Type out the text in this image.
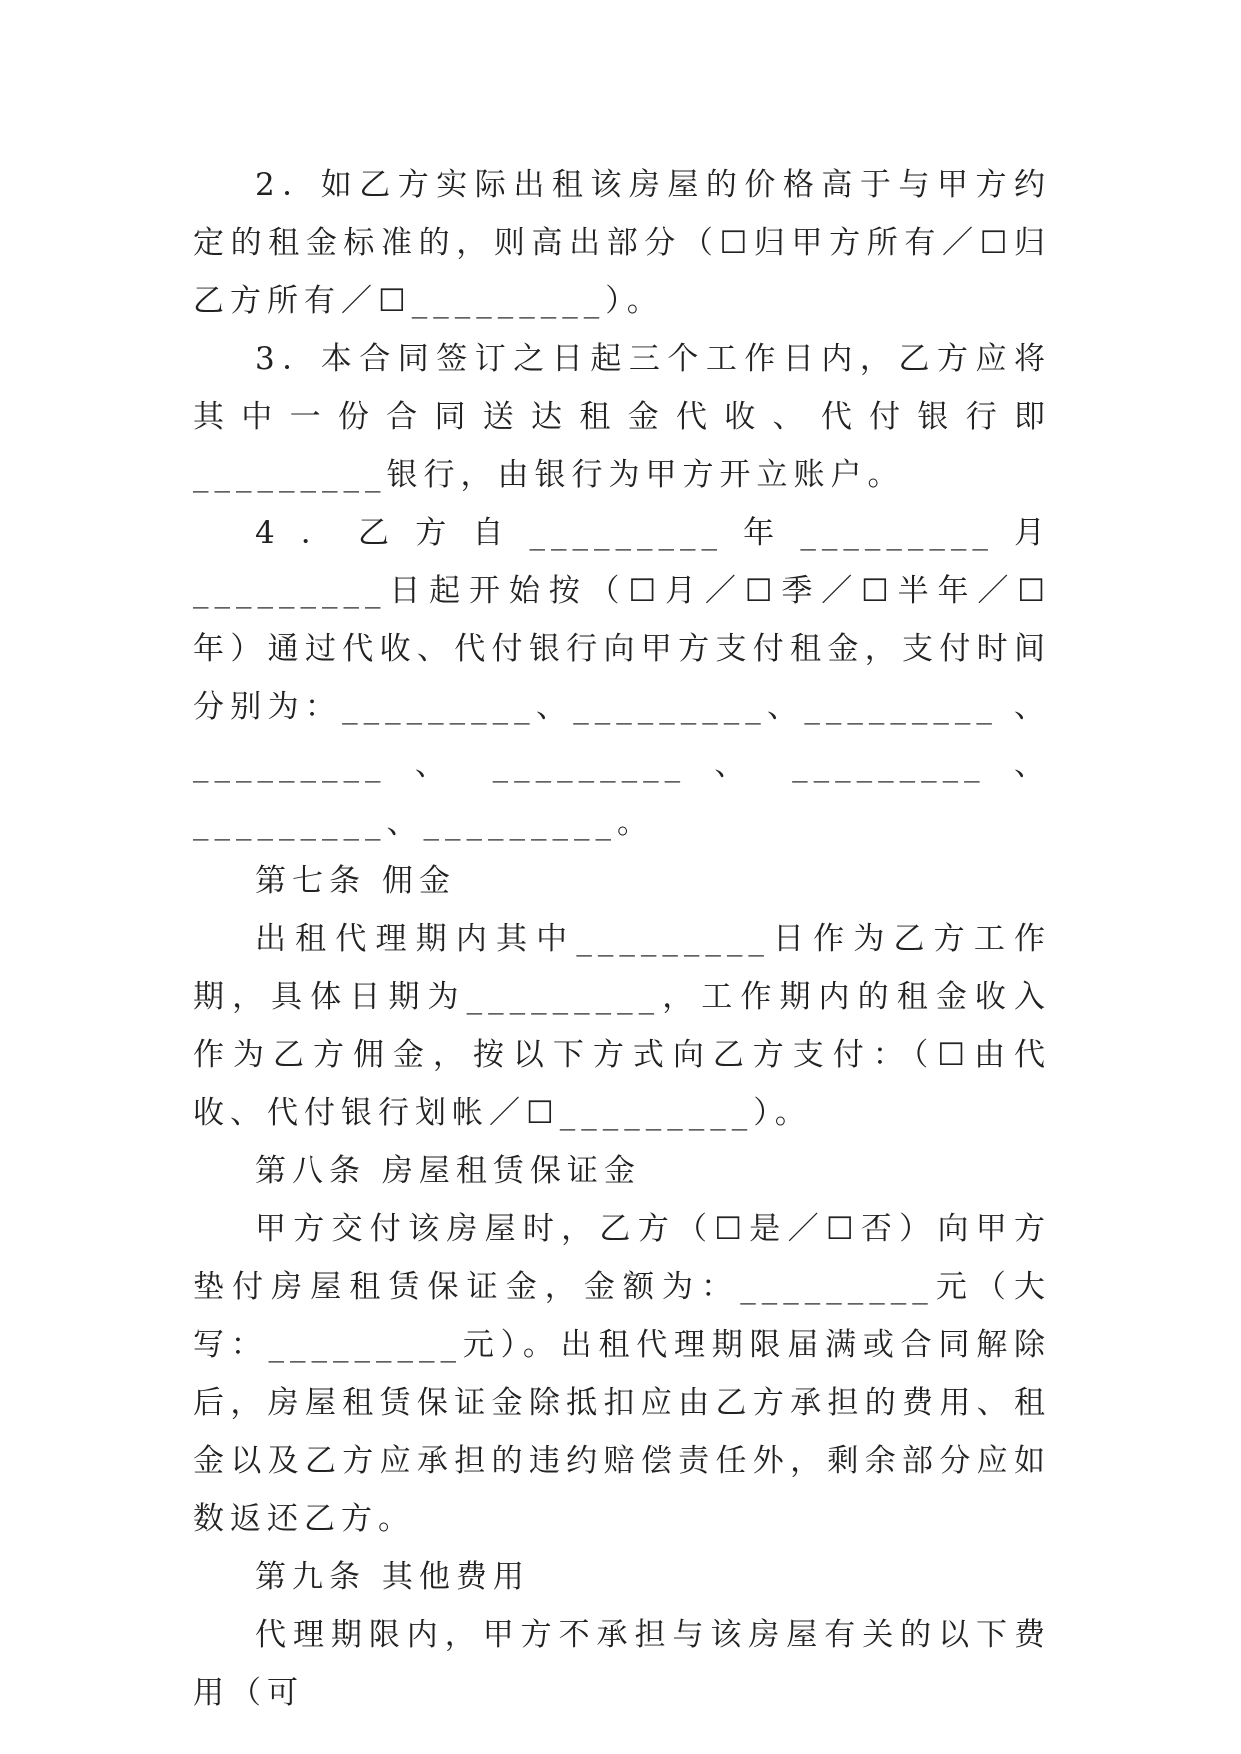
2．如乙方实际出租该房屋的价格高于与甲方约定的租金标准的，则高出部分（☐归甲方所有／☐归乙方所有／☐_________）。

3．本合同签订之日起三个工作日内，乙方应将其中一份合同送达租金代收、代付银行即_________银行，由银行为甲方开立账户。

4．乙方自_________年_________月_________日起开始按（☐月／☐季／☐半年／☐年）通过代收、代付银行向甲方支付租金，支付时间分别为：_________、_________、_________ 、 _________ 、 _________ 、 _________ 、_________、_________。

第七条 佣金

出租代理期内其中_________日作为乙方工作期，具体日期为_________，工作期内的租金收入作为乙方佣金，按以下方式向乙方支付：（☐由代收、代付银行划帐／☐_________）。

第八条 房屋租赁保证金

甲方交付该房屋时，乙方（☐是／☐否）向甲方垫付房屋租赁保证金，金额为：_________元（大写：_________元）。出租代理期限届满或合同解除后，房屋租赁保证金除抵扣应由乙方承担的费用、租金以及乙方应承担的违约赔偿责任外，剩余部分应如数返还乙方。

第九条 其他费用

代理期限内，甲方不承担与该房屋有关的以下费用（可
